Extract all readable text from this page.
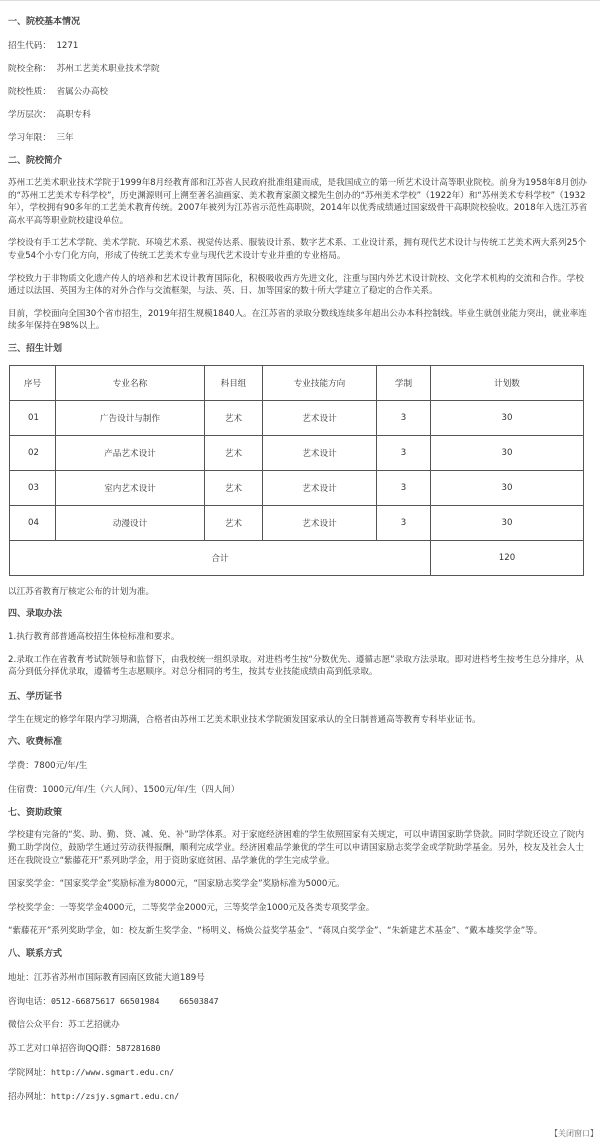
一、院校基本情况
招生代码： 1271
院校全称： 苏州工艺美术职业技术学院
院校性质： 省属公办高校
学历层次： 高职专科
学习年限： 三年
二、院校简介
苏州工艺美术职业技术学院于1999年8月经教育部和江苏省人民政府批准组建而成，是我国成立的第一所艺术设计高等职业院校。前身为1958年8月创办的“苏州工艺美术专科学校”，历史渊源则可上溯至著名油画家、美术教育家颜文樑先生创办的“苏州美术学校”（1922年）和“苏州美术专科学校”（1932年），学校拥有90多年的工艺美术教育传统。2007年被列为江苏省示范性高职院，2014年以优秀成绩通过国家级骨干高职院校验收。2018年入选江苏省高水平高等职业院校建设单位。
学校设有手工艺术学院、美术学院、环境艺术系、视觉传达系、服装设计系、数字艺术系、工业设计系，拥有现代艺术设计与传统工艺美术两大系列25个专业54个小专门化方向，形成了传统工艺美术专业与现代艺术设计专业并重的专业格局。
学校致力于非物质文化遗产传人的培养和艺术设计教育国际化，积极吸收西方先进文化，注重与国内外艺术设计院校、文化学术机构的交流和合作。学校通过以法国、英国为主体的对外合作与交流框架，与法、英、日、加等国家的数十所大学建立了稳定的合作关系。
目前，学校面向全国30个省市招生，2019年招生规模1840人。在江苏省的录取分数线连续多年超出公办本科控制线。毕业生就创业能力突出，就业率连续多年保持在98%以上。
三、招生计划
序号	专业名称	科目组	专业技能方向	学制	计划数
01	广告设计与制作	艺术	艺术设计	3	30
02	产品艺术设计	艺术	艺术设计	3	30
03	室内艺术设计	艺术	艺术设计	3	30
04	动漫设计	艺术	艺术设计	3	30
合计					120
以江苏省教育厅核定公布的计划为准。
四、录取办法
1.执行教育部普通高校招生体检标准和要求。
2.录取工作在省教育考试院领导和监督下，由我校统一组织录取。对进档考生按“分数优先、遵循志愿”录取方法录取。即对进档考生按考生总分排序，从高分到低分择优录取，遵循考生志愿顺序。对总分相同的考生，按其专业技能成绩由高到低录取。
五、学历证书
学生在规定的修学年限内学习期满，合格者由苏州工艺美术职业技术学院颁发国家承认的全日制普通高等教育专科毕业证书。
六、收费标准
学费：7800元/年/生
住宿费：1000元/年/生（六人间）、1500元/年/生（四人间）
七、资助政策
学校建有完备的“奖、助、勤、贷、减、免、补”助学体系。对于家庭经济困难的学生依照国家有关规定，可以申请国家助学贷款。同时学院还设立了院内勤工助学岗位，鼓励学生通过劳动获得报酬，顺利完成学业。经济困难品学兼优的学生可以申请国家励志奖学金或学院助学基金。另外，校友及社会人士还在我院设立“紫藤花开”系列助学金，用于资助家庭贫困、品学兼优的学生完成学业。
国家奖学金：“国家奖学金”奖励标准为8000元，“国家励志奖学金”奖励标准为5000元。
学校奖学金：一等奖学金4000元，二等奖学金2000元，三等奖学金1000元及各类专项奖学金。
“紫藤花开”系列奖助学金，如：校友新生奖学金、“杨明义、杨焕公益奖学基金”、“蒋凤白奖学金”、“朱新建艺术基金”、“戴本雄奖学金”等。
八、联系方式
地址：江苏省苏州市国际教育园南区致能大道189号
咨询电话：0512-66875617 66501984    66503847
微信公众平台：苏工艺招就办
苏工艺对口单招咨询QQ群：587281680
学院网址：http://www.sgmart.edu.cn/
招办网址：http://zsjy.sgmart.edu.cn/
【关闭窗口】
